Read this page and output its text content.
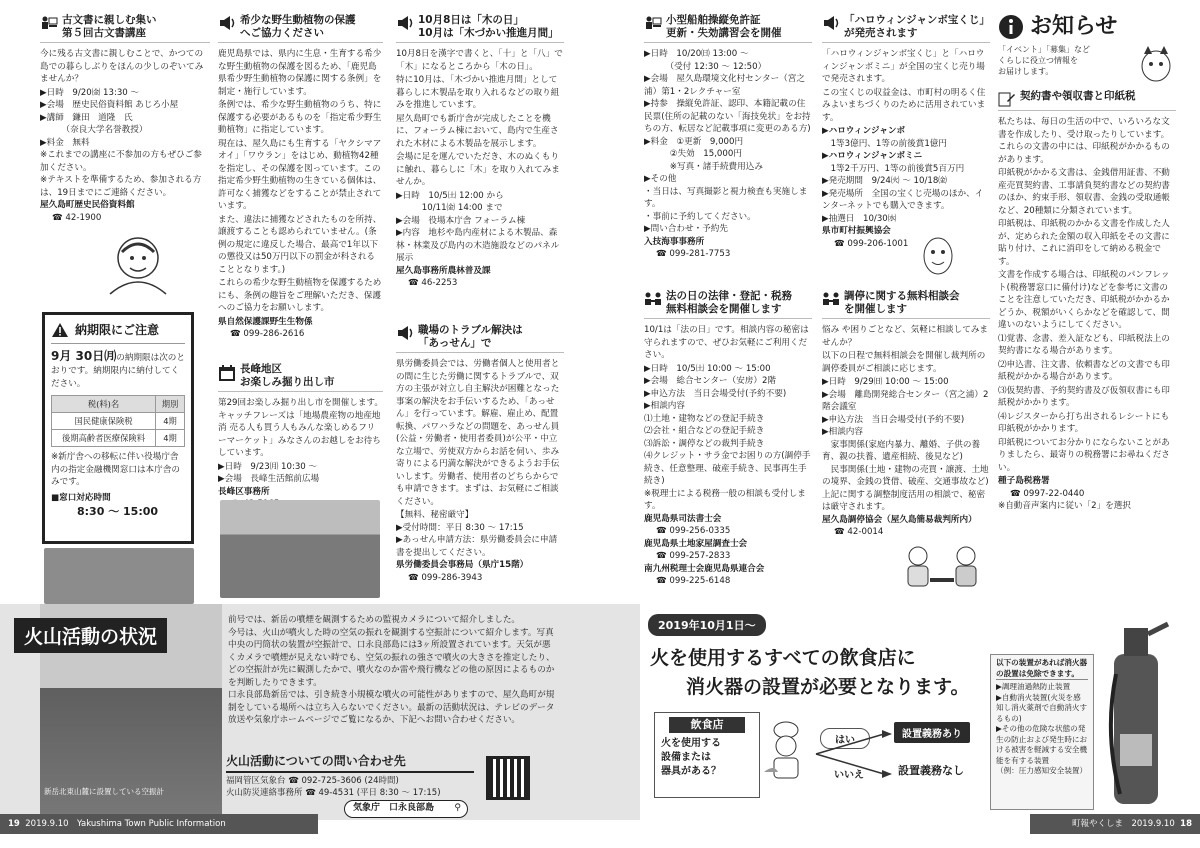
古文書に親しむ集い
第５回古文書講座
今に残る古文書に親しむことで、かつての島での暮らしぶりをほんの少しのぞいてみませんか？
▶日時　9/20㈮ 13:30 ～
▶会場　歴史民俗資料館 あじろ小屋
▶講師　鎌田　道隆　氏
　　　（奈良大学名誉教授）
▶料金　無料
※これまでの講座に不参加の方もぜひご参加ください。
※テキストを準備するため、参加される方は、19日までにご連絡ください。
屋久島町歴史民俗資料館
☎ 42-1900
納期限にご注意
9月 30日㈪の納期限は次のとおりです。納期限内に納付してください。
税(料)名	期別
国民健康保険税	4期
後期高齢者医療保険料	4期
※新庁舎への移転に伴い役場庁舎内の指定金融機関窓口は本庁舎のみです。
■窓口対応時間
8:30 ～ 15:00
希少な野生動植物の保護
へご協力ください
鹿児島県では、県内に生息・生育する希少な野生動植物の保護を図るため、「鹿児島県希少野生動植物の保護に関する条例」を制定・施行しています。
条例では、希少な野生動植物のうち、特に保護する必要があるものを「指定希少野生動植物」に指定しています。
現在は、屋久島にも生育する「ヤクシマアオイ」「ワウラン」をはじめ、動植物42種を指定し、その保護を図っています。この指定希少野生動植物の生きている個体は、許可なく捕獲などをすることが禁止されています。
また、違法に捕獲などされたものを所持、譲渡することも認められていません。(条例の規定に違反した場合、最高で1年以下の懲役又は50万円以下の罰金が科されることとなります。)
これらの希少な野生動植物を保護するためにも、条例の趣旨をご理解いただき、保護へのご協力をお願いします。
県自然保護課野生生物係
☎ 099-286-2616
長峰地区
お楽しみ掘り出し市
第29回お楽しみ掘り出し市を開催します。キャッチフレーズは「地場農産物の地産地消 売る人も買う人もみんな楽しめるフリーマーケット」みなさんのお越しをお待ちしています。
▶日時　9/23㈪ 10:30 ～
▶会場　長峰生活館前広場
長峰区事務所
10月8日は「木の日」
10月は「木づかい推進月間」
10月8日を漢字で書くと、「十」と「八」で「木」になるところから「木の日」。
特に10月は、「木づかい推進月間」として暮らしに木製品を取り入れるなどの取り組みを推進しています。
屋久島町でも新庁舎が完成したことを機に、フォーラム棟において、島内で生産された木材による木製品を展示します。
会場に足を運んでいただき、木のぬくもりに触れ、暮らしに「木」を取り入れてみませんか。
▶日時　10/5㈯ 12:00 から
　　　10/11㈮ 14:00 まで
▶会場　役場本庁舎 フォーラム棟
▶内容　地杉や島内産材による木製品、森林・林業及び島内の木造施設などのパネル展示
屋久島事務所農林普及課
☎ 46-2253
職場のトラブル解決は
「あっせん」で
県労働委員会では、労働者個人と使用者との間に生じた労働に関するトラブルで、双方の主張が対立し自主解決が困難となった事案の解決をお手伝いするため、「あっせん」を行っています。解雇、雇止め、配置転換、パワハラなどの問題を、あっせん員(公益・労働者・使用者委員)が公平・中立な立場で、労使双方からお話を伺い、歩み寄りによる円満な解決ができるようお手伝いします。労働者、使用者のどちらからでも申請できます。まずは、お気軽にご相談ください。
【無料、秘密厳守】
▶受付時間：平日 8:30 ～ 17:15
▶あっせん申請方法：県労働委員会に申請書を提出してください。
県労働委員会事務局（県庁15階）
☎ 099-286-3943
小型船舶操縦免許証
更新・失効講習会を開催
▶日時　10/20㈰ 13:00 ～
　　　（受付 12:30 ～ 12:50）
▶会場　屋久島環境文化村センター（宮之浦）第1・2レクチャー室
▶持参　操縦免許証、認印、本籍記載の住民票(住所の記載のない「海技免状」をお持ちの方、転居など記載事項に変更のある方)
▶料金　①更新　9,000円
　　　②失効　15,000円
　　　※写真・諸手続費用込み
▶その他
・当日は、写真撮影と視力検査も実施します。
・事前に予約してください。
▶問い合わせ・予約先
入技海事事務所
☎ 099-281-7753
法の日の法律・登記・税務
無料相談会を開催します
10/1は「法の日」です。相談内容の秘密は守られますので、ぜひお気軽にご利用ください。
▶日時　10/5㈯ 10:00 ～ 15:00
▶会場　総合センター（安房）2階
▶申込方法　当日会場受付(予約不要)
▶相談内容
⑴土地・建物などの登記手続き
⑵会社・組合などの登記手続き
⑶訴訟・調停などの裁判手続き
⑷クレジット・サラ金でお困りの方(調停手続き、任意整理、破産手続き、民事再生手続き)
※税理士による税務一般の相談も受付します。
鹿児島県司法書士会
☎ 099-256-0335
鹿児島県土地家屋調査士会
☎ 099-257-2833
南九州税理士会鹿児島県連合会
☎ 099-225-6148
「ハロウィンジャンボ宝くじ」
が発売されます
「ハロウィンジャンボ宝くじ」と「ハロウィンジャンボミニ」が全国の宝くじ売り場で発売されます。
この宝くじの収益金は、市町村の明るく住みよいまちづくりのために活用されています。
▶ハロウィンジャンボ
　1等3億円、1等の前後賞1億円
▶ハロウィンジャンボミニ
　1等2千万円、1等の前後賞5百万円
▶発売期間　9/24㈫ ～ 10/18㈮
▶発売場所　全国の宝くじ売場のほか、インターネットでも購入できます。
▶抽選日　10/30㈬
県市町村振興協会
☎ 099-206-1001
調停に関する無料相談会
を開催します
悩み や困りごとなど、気軽に相談してみませんか？
以下の日程で無料相談会を開催し裁判所の調停委員がご相談に応じます。
▶日時　9/29㈰ 10:00 ～ 15:00
▶会場　離島開発総合センター（宮之浦）2階会議室
▶申込方法　当日会場受付(予約不要)
▶相談内容
　家事関係(家庭内暴力、離婚、子供の養育、親の扶養、遺産相続、後見など)
　民事関係(土地・建物の売買・譲渡、土地の境界、金銭の貸借、破産、交通事故など)
上記に関する調整制度活用の相談で、秘密は厳守されます。
屋久島調停協会（屋久島簡易裁判所内）
☎ 42-0014
お知らせ
「イベント」「募集」など
くらしに役立つ情報を
お届けします。
契約書や領収書と印紙税
私たちは、毎日の生活の中で、いろいろな文書を作成したり、受け取ったりしています。これらの文書の中には、印紙税がかかるものがあります。
印紙税がかかる文書は、金銭借用証書、不動産売買契約書、工事請負契約書などの契約書のほか、約束手形、領収書、金銭の受取通帳など、20種類に分類されています。
印紙税は、印紙税のかかる文書を作成した人が、定められた金額の収入印紙をその文書に貼り付け、これに消印をして納める税金です。
文書を作成する場合は、印紙税のパンフレット(税務署窓口に備付け)などを参考に文書のことを注意していただき、印紙税がかかるかどうか、税額がいくらかなどを確認して、間違いのないようにしてください。
⑴覚書、念書、差入証なども、印紙税法上の契約書になる場合があります。
⑵申込書、注文書、依頼書などの文書でも印紙税がかかる場合があります。
⑶仮契約書、予約契約書及び仮領収書にも印紙税がかかります。
⑷レジスターから打ち出されるレシートにも印紙税がかかります。
印紙税についてお分かりにならないことがありましたら、最寄りの税務署にお尋ねください。
種子島税務署
☎ 0997-22-0440
※自動音声案内に従い「2」を選択
火山活動の状況
新岳北東山麓に設置している空振計
前号では、新岳の噴煙を観測するための監視カメラについて紹介しました。
今号は、火山が噴火した時の空気の振れを観測する空振計について紹介します。写真中央の円筒状の装置が空振計で、口永良部島には3ヶ所設置されています。天気が悪くカメラで噴煙が見えない時でも、空気の振れの強さで噴火の大きさを推定したり、どの空振計が先に観測したかで、噴火なのか雷や飛行機などの他の原因によるものかを判断したりできます。
口永良部島新岳では、引き続き小規模な噴火の可能性がありますので、屋久島町が規制をしている場所へは立ち入らないでください。最新の活動状況は、テレビのデータ放送や気象庁ホームページでご覧になるか、下記へお問い合わせください。
火山活動についての問い合わせ先
福岡管区気象台 ☎ 092-725-3606 (24時間)
火山防災連絡事務所 ☎ 49-4531 (平日 8:30 ～ 17:15)
気象庁　口永良部島 ⚲
2019年10月1日～
火を使用するすべての飲食店に
消火器の設置が必要となります。
飲食店
火を使用する
設備または
器具がある？
はい
いいえ
設置義務あり
設置義務なし
以下の装置があれば消火器の設置は免除できます。
▶調理油過熱防止装置
▶自動消火装置(火災を感知し消火薬剤で自動消火するもの)
▶その他の危険な状態の発生の防止および発生時における被害を軽減する安全機能を有する装置
（例：圧力感知安全装置）
19 2019.9.10　Yakushima Town Public Information	町報やくしま　2019.9.10 18
